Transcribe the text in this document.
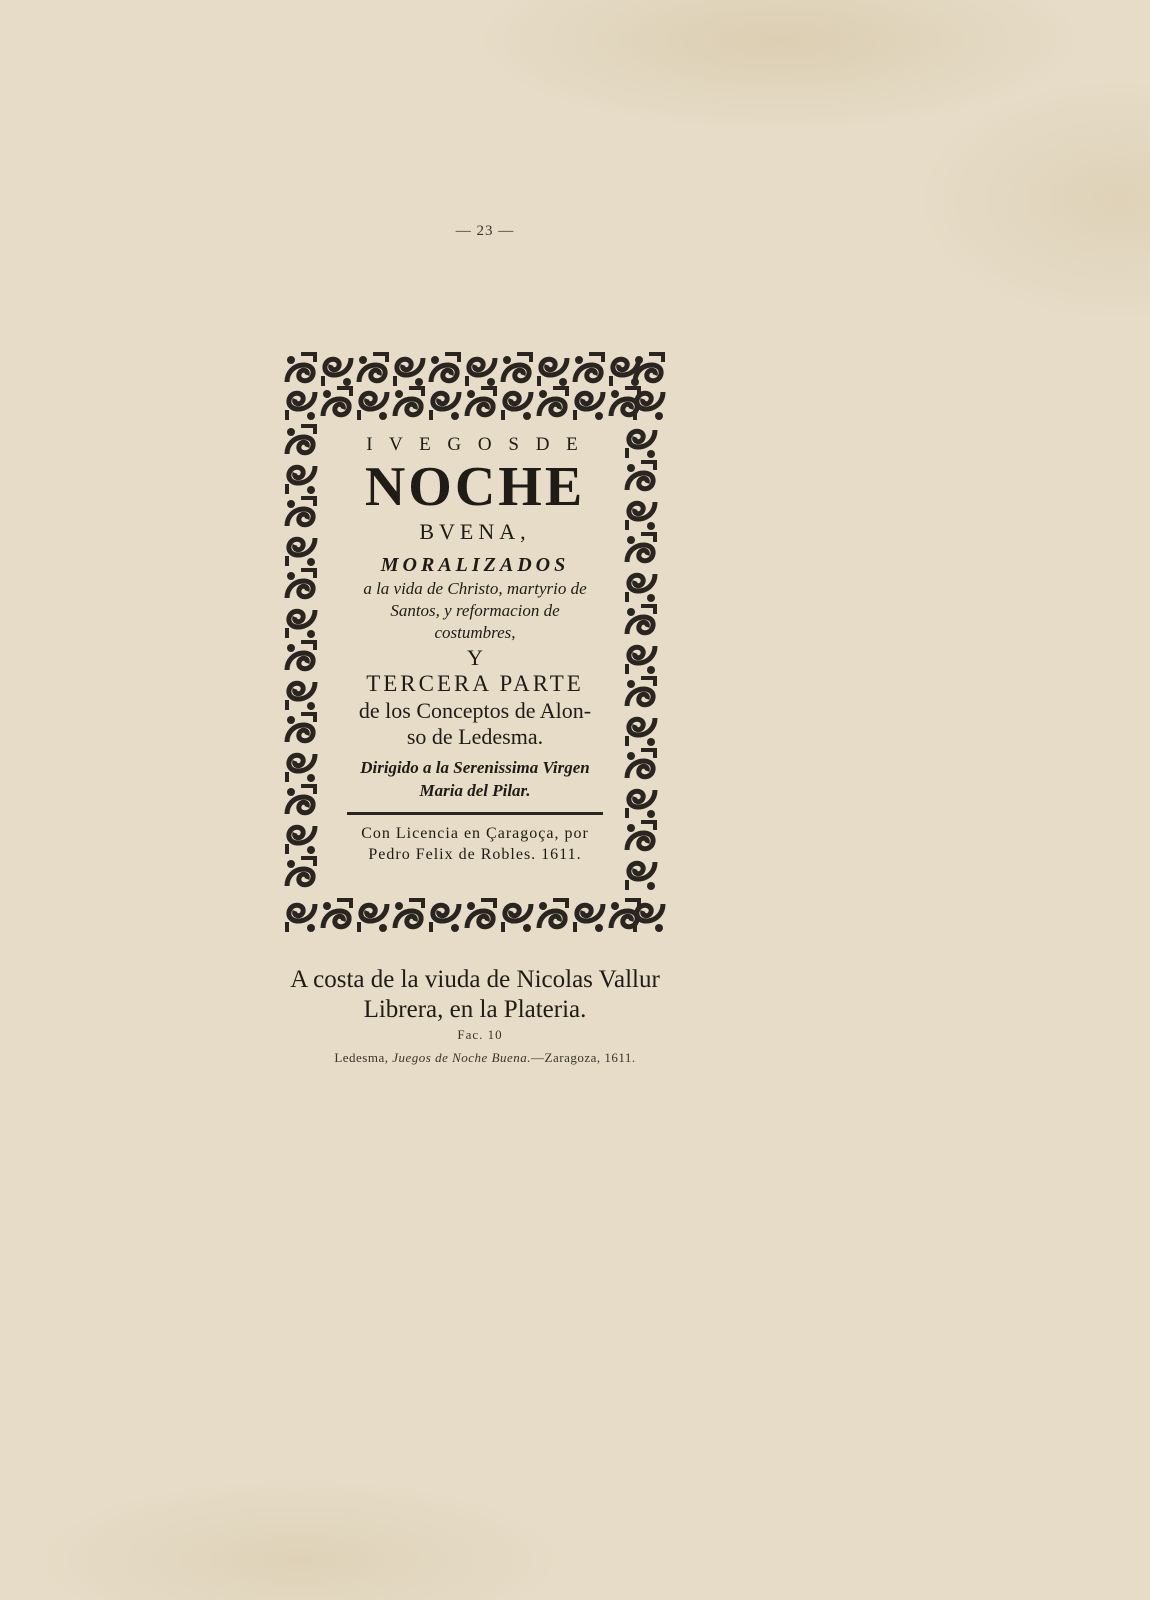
— 23 —

I V E G O S D E

NOCHE

BVENA,

MORALIZADOS

a la vida de Christo, martyrio de

Santos, y reformacion de

costumbres,

Y

TERCERA PARTE

de los Conceptos de Alon-

so de Ledesma.

Dirigido a la Serenissima Virgen

Maria del Pilar.

Con Licencia en Çaragoça, por

Pedro Felix de Robles. 1611.

A costa de la viuda de Nicolas Vallur
Librera, en la Plateria.
Fac. 10
Ledesma, Juegos de Noche Buena.—Zaragoza, 1611.
